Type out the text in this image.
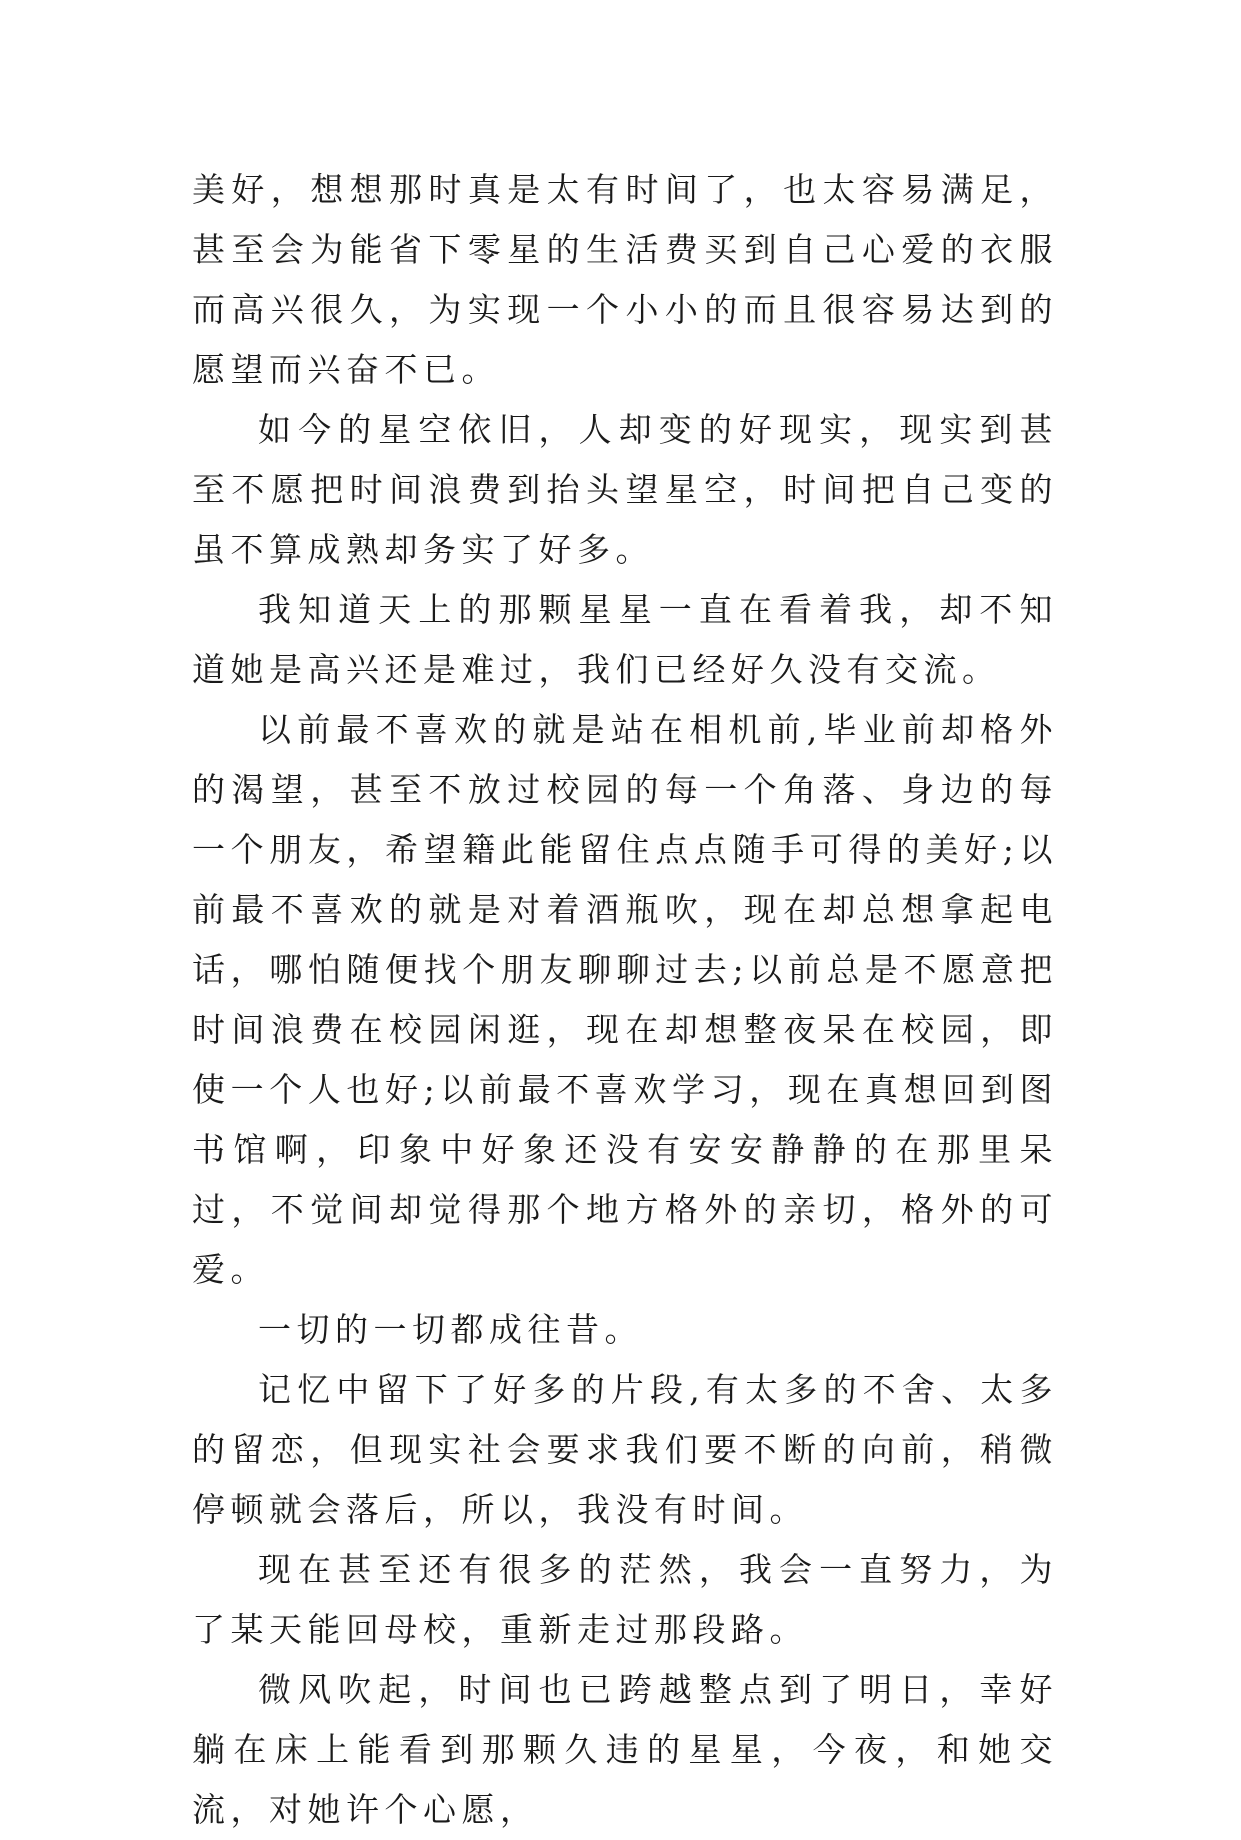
美好，想想那时真是太有时间了，也太容易满足，甚至会为能省下零星的生活费买到自己心爱的衣服而高兴很久，为实现一个小小的而且很容易达到的愿望而兴奋不已。

如今的星空依旧，人却变的好现实，现实到甚至不愿把时间浪费到抬头望星空，时间把自己变的虽不算成熟却务实了好多。

我知道天上的那颗星星一直在看着我，却不知道她是高兴还是难过，我们已经好久没有交流。

以前最不喜欢的就是站在相机前,毕业前却格外的渴望，甚至不放过校园的每一个角落、身边的每一个朋友，希望籍此能留住点点随手可得的美好;以前最不喜欢的就是对着酒瓶吹，现在却总想拿起电话，哪怕随便找个朋友聊聊过去;以前总是不愿意把时间浪费在校园闲逛，现在却想整夜呆在校园，即使一个人也好;以前最不喜欢学习，现在真想回到图书馆啊，印象中好象还没有安安静静的在那里呆过，不觉间却觉得那个地方格外的亲切，格外的可爱。

一切的一切都成往昔。

记忆中留下了好多的片段,有太多的不舍、太多的留恋，但现实社会要求我们要不断的向前，稍微停顿就会落后，所以，我没有时间。

现在甚至还有很多的茫然，我会一直努力，为了某天能回母校，重新走过那段路。

微风吹起，时间也已跨越整点到了明日，幸好躺在床上能看到那颗久违的星星，今夜，和她交流，对她许个心愿，
